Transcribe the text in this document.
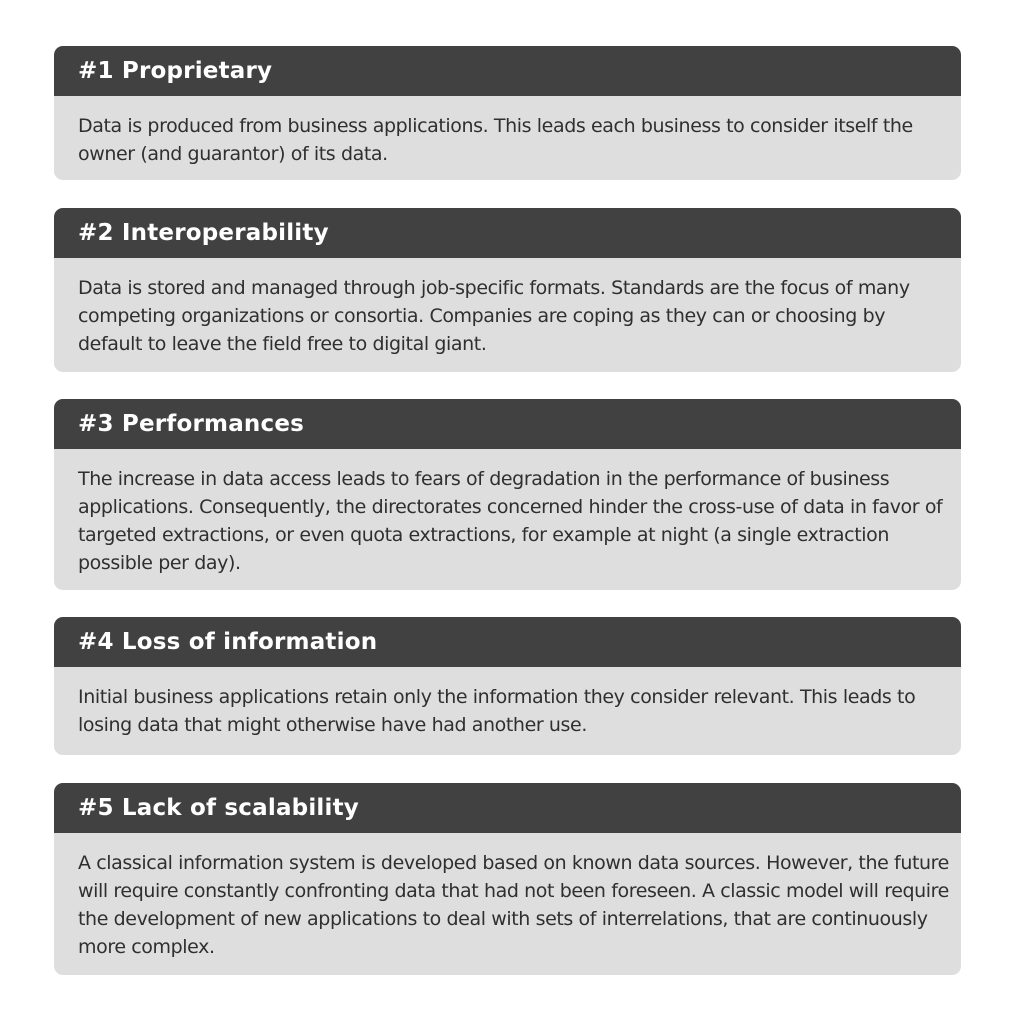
#1 Proprietary

Data is produced from business applications. This leads each business to consider itself the owner (and guarantor) of its data.

#2 Interoperability

Data is stored and managed through job-specific formats. Standards are the focus of many competing organizations or consortia. Companies are coping as they can or choosing by default to leave the field free to digital giant.

#3 Performances

The increase in data access leads to fears of degradation in the performance of business applications. Consequently, the directorates concerned hinder the cross-use of data in favor of targeted extractions, or even quota extractions, for example at night (a single extraction possible per day).

#4 Loss of information

Initial business applications retain only the information they consider relevant. This leads to losing data that might otherwise have had another use.

#5 Lack of scalability

A classical information system is developed based on known data sources. However, the future will require constantly confronting data that had not been foreseen. A classic model will require the development of new applications to deal with sets of interrelations, that are continuously more complex.
